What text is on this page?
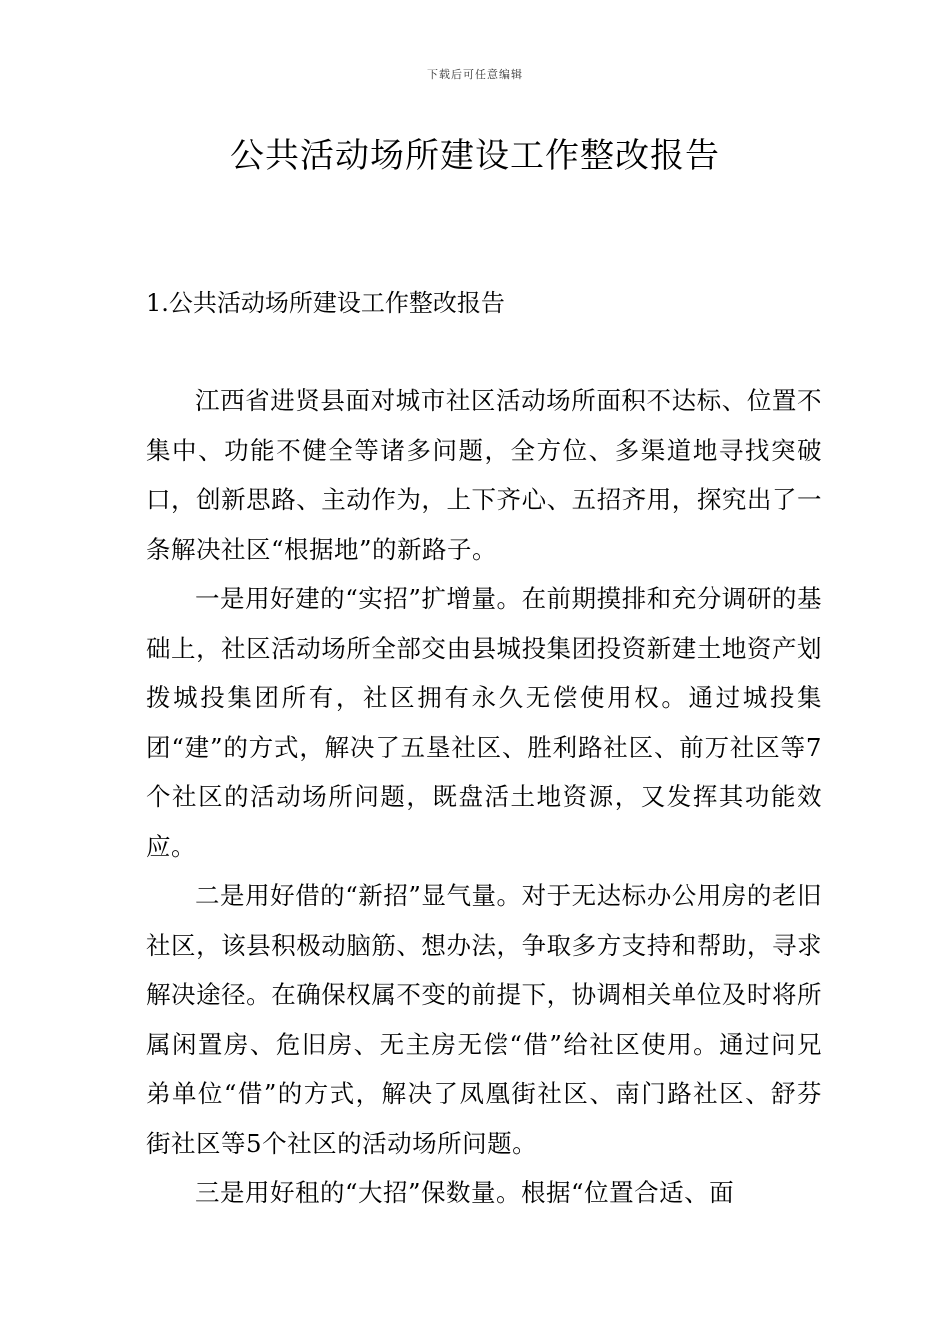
下载后可任意编辑
公共活动场所建设工作整改报告
1.公共活动场所建设工作整改报告

江西省进贤县面对城市社区活动场所面积不达标、位置不集中、功能不健全等诸多问题，全方位、多渠道地寻找突破口，创新思路、主动作为，上下齐心、五招齐用，探究出了一条解决社区“根据地”的新路子。

一是用好建的“实招”扩增量。在前期摸排和充分调研的基础上，社区活动场所全部交由县城投集团投资新建土地资产划拨城投集团所有，社区拥有永久无偿使用权。通过城投集团“建”的方式，解决了五垦社区、胜利路社区、前万社区等7个社区的活动场所问题，既盘活土地资源，又发挥其功能效应。

二是用好借的“新招”显气量。对于无达标办公用房的老旧社区，该县积极动脑筋、想办法，争取多方支持和帮助，寻求解决途径。在确保权属不变的前提下，协调相关单位及时将所属闲置房、危旧房、无主房无偿“借”给社区使用。通过问兄弟单位“借”的方式，解决了凤凰街社区、南门路社区、舒芬街社区等5个社区的活动场所问题。

三是用好租的“大招”保数量。根据“位置合适、面
